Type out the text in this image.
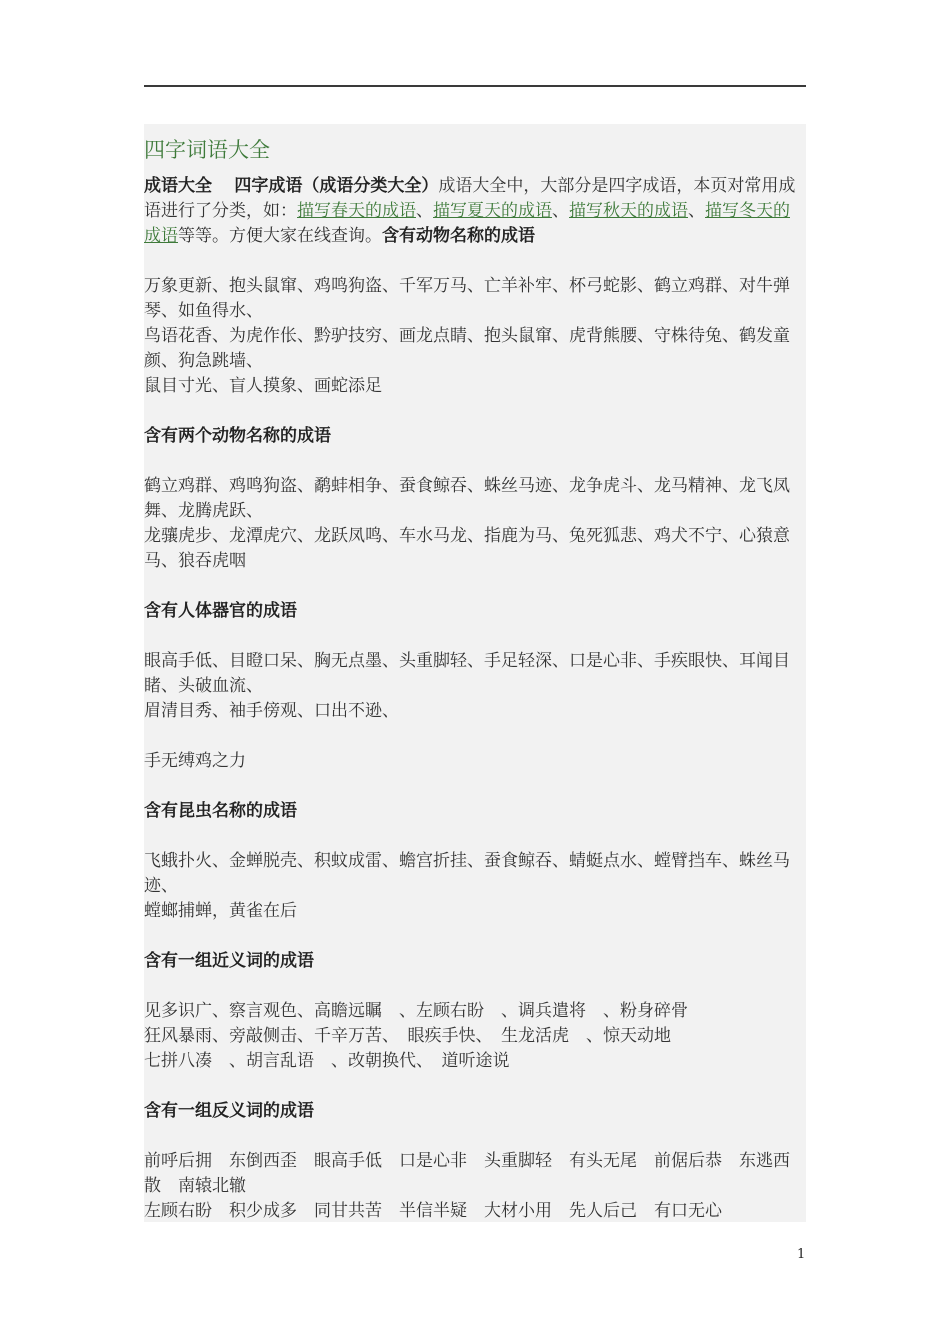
四字词语大全

成语大全　 四字成语（成语分类大全）成语大全中，大部分是四字成语，本页对常用成语进行了分类，如：描写春天的成语、描写夏天的成语、描写秋天的成语、描写冬天的成语等等。方便大家在线查询。含有动物名称的成语

万象更新、抱头鼠窜、鸡鸣狗盗、千军万马、亡羊补牢、杯弓蛇影、鹤立鸡群、对牛弹琴、如鱼得水、

鸟语花香、为虎作伥、黔驴技穷、画龙点睛、抱头鼠窜、虎背熊腰、守株待兔、鹤发童颜、狗急跳墙、

鼠目寸光、盲人摸象、画蛇添足

含有两个动物名称的成语

鹤立鸡群、鸡鸣狗盗、鹬蚌相争、蚕食鲸吞、蛛丝马迹、龙争虎斗、龙马精神、龙飞凤舞、龙腾虎跃、

龙骧虎步、龙潭虎穴、龙跃凤鸣、车水马龙、指鹿为马、兔死狐悲、鸡犬不宁、心猿意马、狼吞虎咽

含有人体器官的成语

眼高手低、目瞪口呆、胸无点墨、头重脚轻、手足轻深、口是心非、手疾眼快、耳闻目睹、头破血流、

眉清目秀、袖手傍观、口出不逊、

手无缚鸡之力

含有昆虫名称的成语

飞蛾扑火、金蝉脱壳、积蚊成雷、蟾宫折挂、蚕食鲸吞、蜻蜓点水、螳臂挡车、蛛丝马迹、

螳螂捕蝉，黄雀在后

含有一组近义词的成语

见多识广、察言观色、高瞻远瞩　、左顾右盼　、调兵遣将　、粉身碎骨

狂风暴雨、旁敲侧击、千辛万苦、　眼疾手快、　生龙活虎　、惊天动地

七拼八凑　、胡言乱语　、改朝换代、　道听途说

含有一组反义词的成语

前呼后拥　东倒西歪　眼高手低　口是心非　头重脚轻　有头无尾　前倨后恭　东逃西散　南辕北辙

左顾右盼　积少成多　同甘共苦　半信半疑　大材小用　先人后己　有口无心

1
